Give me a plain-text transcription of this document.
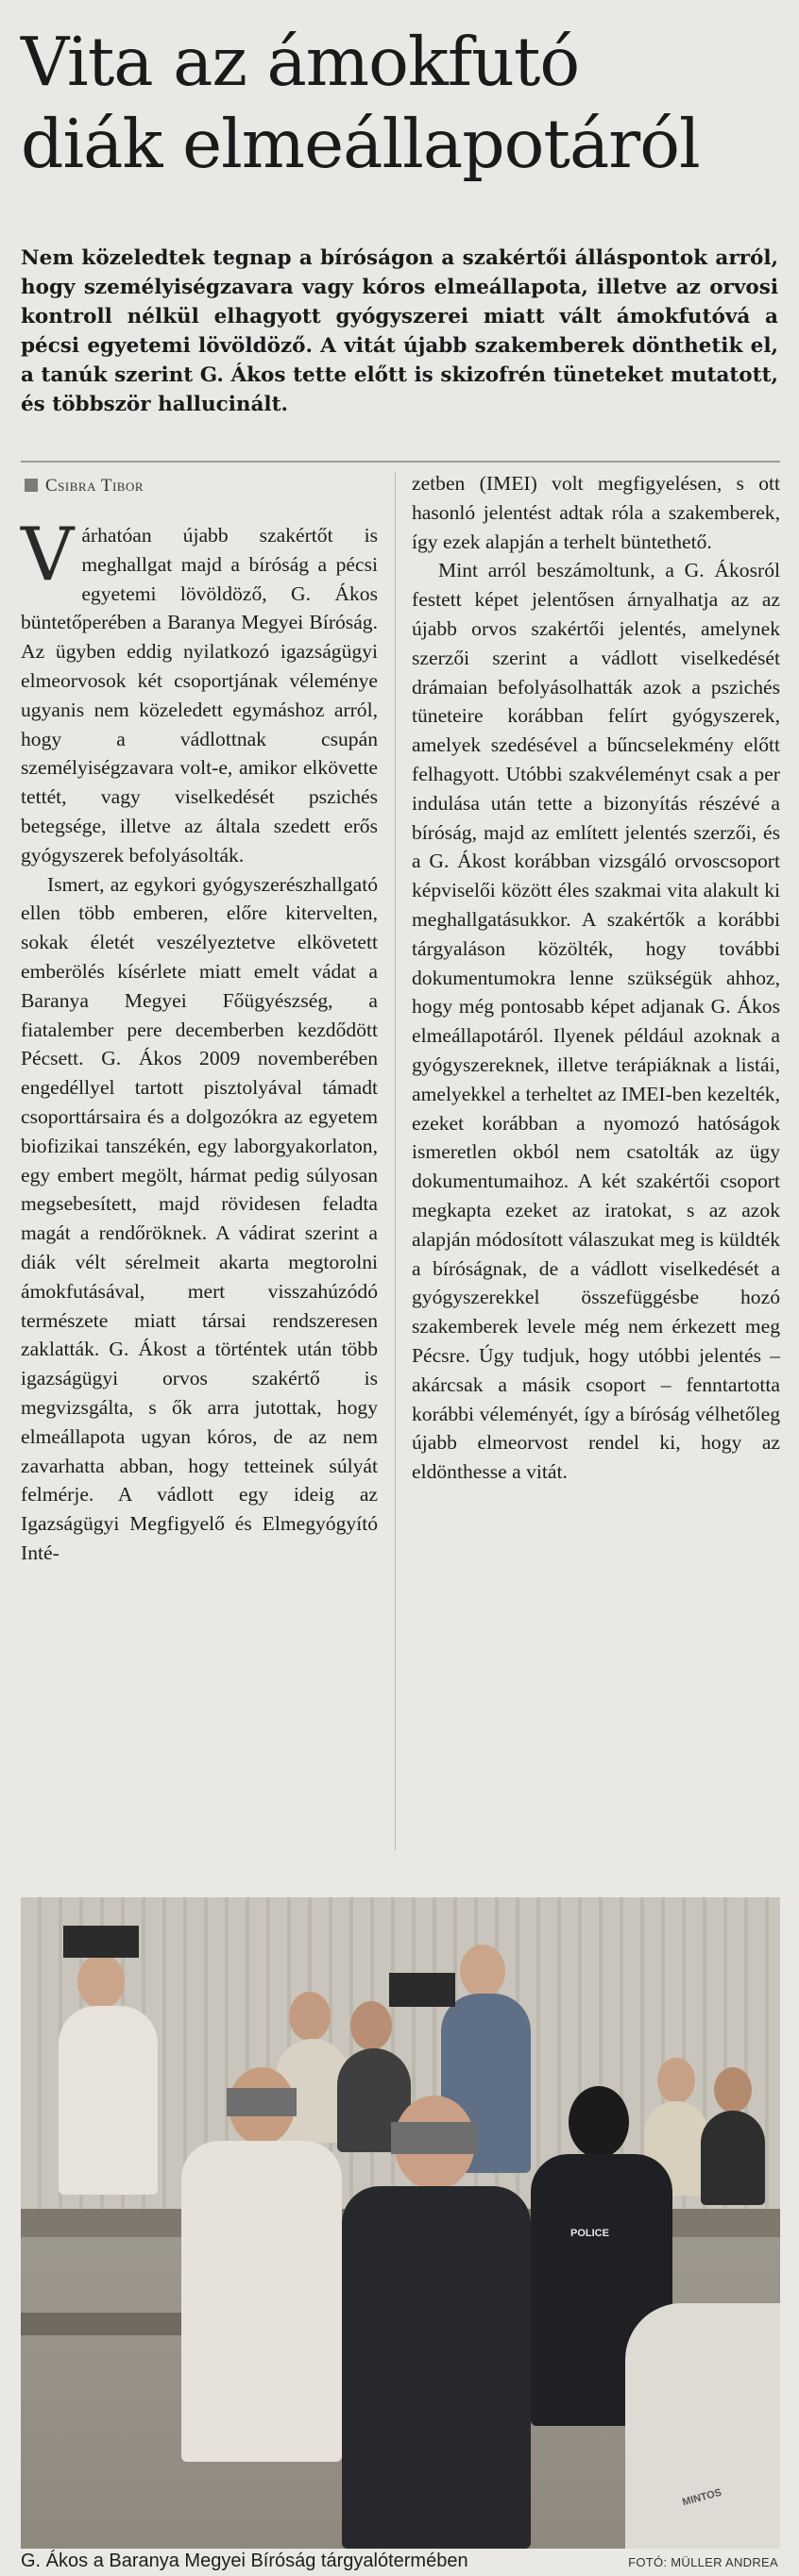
Vita az ámokfutó
diák elmeállapotáról
Nem közeledtek tegnap a bíróságon a szakértői álláspontok arról, hogy személyiségzavara vagy kóros elmeállapota, illetve az orvosi kontroll nélkül elhagyott gyógyszerei miatt vált ámokfutóvá a pécsi egyetemi lövöldöző. A vitát újabb szakemberek dönthetik el, a tanúk szerint G. Ákos tette előtt is skizofrén tüneteket mutatott, és többször hallucinált.
Csibra Tibor

Várhatóan újabb szakértőt is meghallgat majd a bíróság a pécsi egyetemi lövöldöző, G. Ákos büntetőperében a Baranya Megyei Bíróság. Az ügyben eddig nyilatkozó igazságügyi elmeorvosok két csoportjának véleménye ugyanis nem közeledett egymáshoz arról, hogy a vádlottnak csupán személyiségzavara volt-e, amikor elkövette tettét, vagy viselkedését pszichés betegsége, illetve az általa szedett erős gyógyszerek befolyásolták.

Ismert, az egykori gyógyszerészhallgató ellen több emberen, előre kitervelten, sokak életét veszélyeztetve elkövetett emberölés kísérlete miatt emelt vádat a Baranya Megyei Főügyészség, a fiatalember pere decemberben kezdődött Pécsett. G. Ákos 2009 novemberében engedéllyel tartott pisztolyával támadt csoporttársaira és a dolgozókra az egyetem biofizikai tanszékén, egy laborgyakorlaton, egy embert megölt, hármat pedig súlyosan megsebesített, majd rövidesen feladta magát a rendőröknek. A vádirat szerint a diák vélt sérelmeit akarta megtorolni ámokfutásával, mert visszahúzódó természete miatt társai rendszeresen zaklatták. G. Ákost a történtek után több igazságügyi orvos szakértő is megvizsgálta, s ők arra jutottak, hogy elmeállapota ugyan kóros, de az nem zavarhatta abban, hogy tetteinek súlyát felmérje. A vádlott egy ideig az Igazságügyi Megfigyelő és Elmegyógyító Inté-

zetben (IMEI) volt megfigyelésen, s ott hasonló jelentést adtak róla a szakemberek, így ezek alapján a terhelt büntethető.

Mint arról beszámoltunk, a G. Ákosról festett képet jelentősen árnyalhatja az az újabb orvos szakértői jelentés, amelynek szerzői szerint a vádlott viselkedését drámaian befolyásolhatták azok a pszichés tüneteire korábban felírt gyógyszerek, amelyek szedésével a bűncselekmény előtt felhagyott. Utóbbi szakvéleményt csak a per indulása után tette a bizonyítás részévé a bíróság, majd az említett jelentés szerzői, és a G. Ákost korábban vizsgáló orvoscsoport képviselői között éles szakmai vita alakult ki meghallgatásukkor. A szakértők a korábbi tárgyaláson közölték, hogy további dokumentumokra lenne szükségük ahhoz, hogy még pontosabb képet adjanak G. Ákos elmeállapotáról. Ilyenek például azoknak a gyógyszereknek, illetve terápiáknak a listái, amelyekkel a terheltet az IMEI-ben kezelték, ezeket korábban a nyomozó hatóságok ismeretlen okból nem csatolták az ügy dokumentumaihoz. A két szakértői csoport megkapta ezeket az iratokat, s az azok alapján módosított válaszukat meg is küldték a bíróságnak, de a vádlott viselkedését a gyógyszerekkel összefüggésbe hozó szakemberek levele még nem érkezett meg Pécsre. Úgy tudjuk, hogy utóbbi jelentés – akárcsak a másik csoport – fenntartotta korábbi véleményét, így a bíróság vélhetőleg újabb elmeorvost rendel ki, hogy az eldönthesse a vitát.

POLICE
MINTOS
G. Ákos a Baranya Megyei Bíróság tárgyalótermében	FOTÓ: MÜLLER ANDREA
